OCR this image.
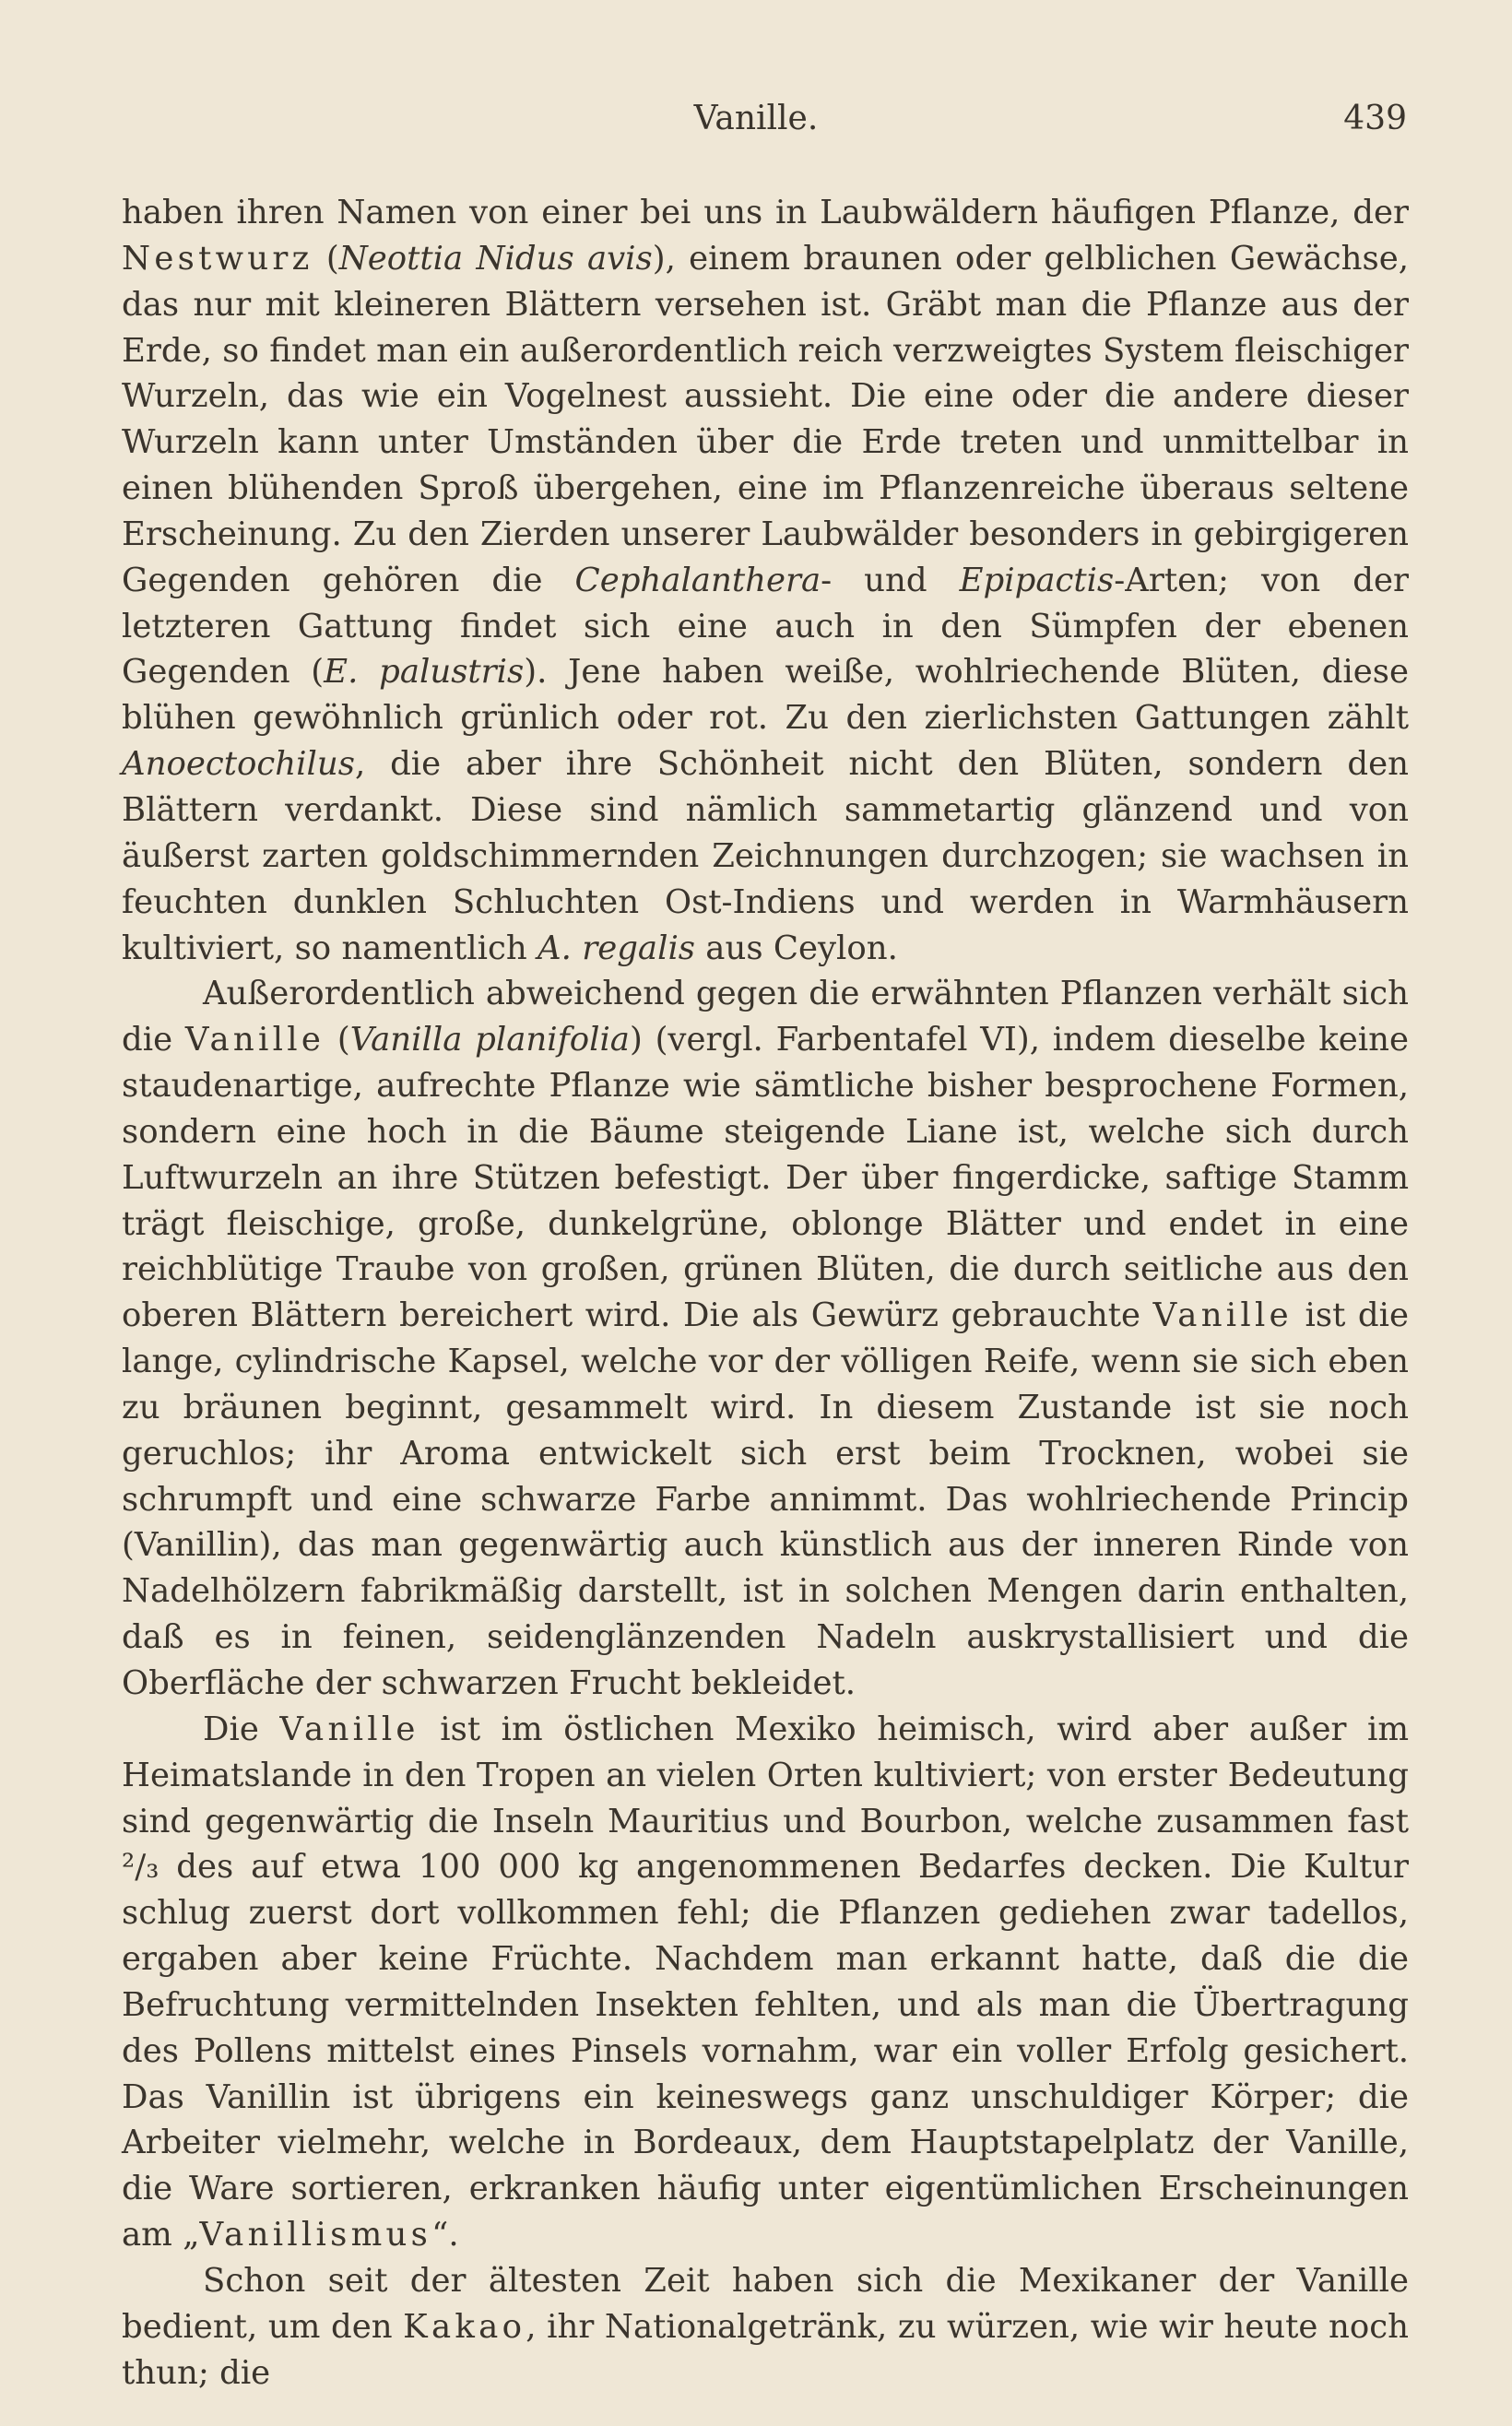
Vanille.	439

haben ihren Namen von einer bei uns in Laubwäldern häufigen Pflanze, der Nestwurz (Neottia Nidus avis), einem braunen oder gelblichen Gewächse, das nur mit kleineren Blättern versehen ist. Gräbt man die Pflanze aus der Erde, so findet man ein außerordentlich reich verzweigtes System fleischiger Wurzeln, das wie ein Vogelnest aussieht. Die eine oder die andere dieser Wurzeln kann unter Umständen über die Erde treten und unmittelbar in einen blühenden Sproß übergehen, eine im Pflanzenreiche überaus seltene Erscheinung. Zu den Zierden unserer Laubwälder besonders in gebirgigeren Gegenden gehören die Cephalanthera- und Epipactis-Arten; von der letzteren Gattung findet sich eine auch in den Sümpfen der ebenen Gegenden (E. palustris). Jene haben weiße, wohlriechende Blüten, diese blühen gewöhnlich grünlich oder rot. Zu den zierlichsten Gattungen zählt Anoectochilus, die aber ihre Schönheit nicht den Blüten, sondern den Blättern verdankt. Diese sind nämlich sammetartig glänzend und von äußerst zarten goldschimmernden Zeichnungen durchzogen; sie wachsen in feuchten dunklen Schluchten Ost-Indiens und werden in Warmhäusern kultiviert, so namentlich A. regalis aus Ceylon.

Außerordentlich abweichend gegen die erwähnten Pflanzen verhält sich die Vanille (Vanilla planifolia) (vergl. Farbentafel VI), indem dieselbe keine staudenartige, aufrechte Pflanze wie sämtliche bisher besprochene Formen, sondern eine hoch in die Bäume steigende Liane ist, welche sich durch Luftwurzeln an ihre Stützen befestigt. Der über fingerdicke, saftige Stamm trägt fleischige, große, dunkelgrüne, oblonge Blätter und endet in eine reichblütige Traube von großen, grünen Blüten, die durch seitliche aus den oberen Blättern bereichert wird. Die als Gewürz gebrauchte Vanille ist die lange, cylindrische Kapsel, welche vor der völligen Reife, wenn sie sich eben zu bräunen beginnt, gesammelt wird. In diesem Zustande ist sie noch geruchlos; ihr Aroma entwickelt sich erst beim Trocknen, wobei sie schrumpft und eine schwarze Farbe annimmt. Das wohlriechende Princip (Vanillin), das man gegenwärtig auch künstlich aus der inneren Rinde von Nadelhölzern fabrikmäßig darstellt, ist in solchen Mengen darin enthalten, daß es in feinen, seidenglänzenden Nadeln auskrystallisiert und die Oberfläche der schwarzen Frucht bekleidet.

Die Vanille ist im östlichen Mexiko heimisch, wird aber außer im Heimatslande in den Tropen an vielen Orten kultiviert; von erster Bedeutung sind gegenwärtig die Inseln Mauritius und Bourbon, welche zusammen fast ²/₃ des auf etwa 100 000 kg angenommenen Bedarfes decken. Die Kultur schlug zuerst dort vollkommen fehl; die Pflanzen gediehen zwar tadellos, ergaben aber keine Früchte. Nachdem man erkannt hatte, daß die die Befruchtung vermittelnden Insekten fehlten, und als man die Übertragung des Pollens mittelst eines Pinsels vornahm, war ein voller Erfolg gesichert. Das Vanillin ist übrigens ein keineswegs ganz unschuldiger Körper; die Arbeiter vielmehr, welche in Bordeaux, dem Hauptstapelplatz der Vanille, die Ware sortieren, erkranken häufig unter eigentümlichen Erscheinungen am „Vanillismus“.

Schon seit der ältesten Zeit haben sich die Mexikaner der Vanille bedient, um den Kakao, ihr Nationalgetränk, zu würzen, wie wir heute noch thun; die
